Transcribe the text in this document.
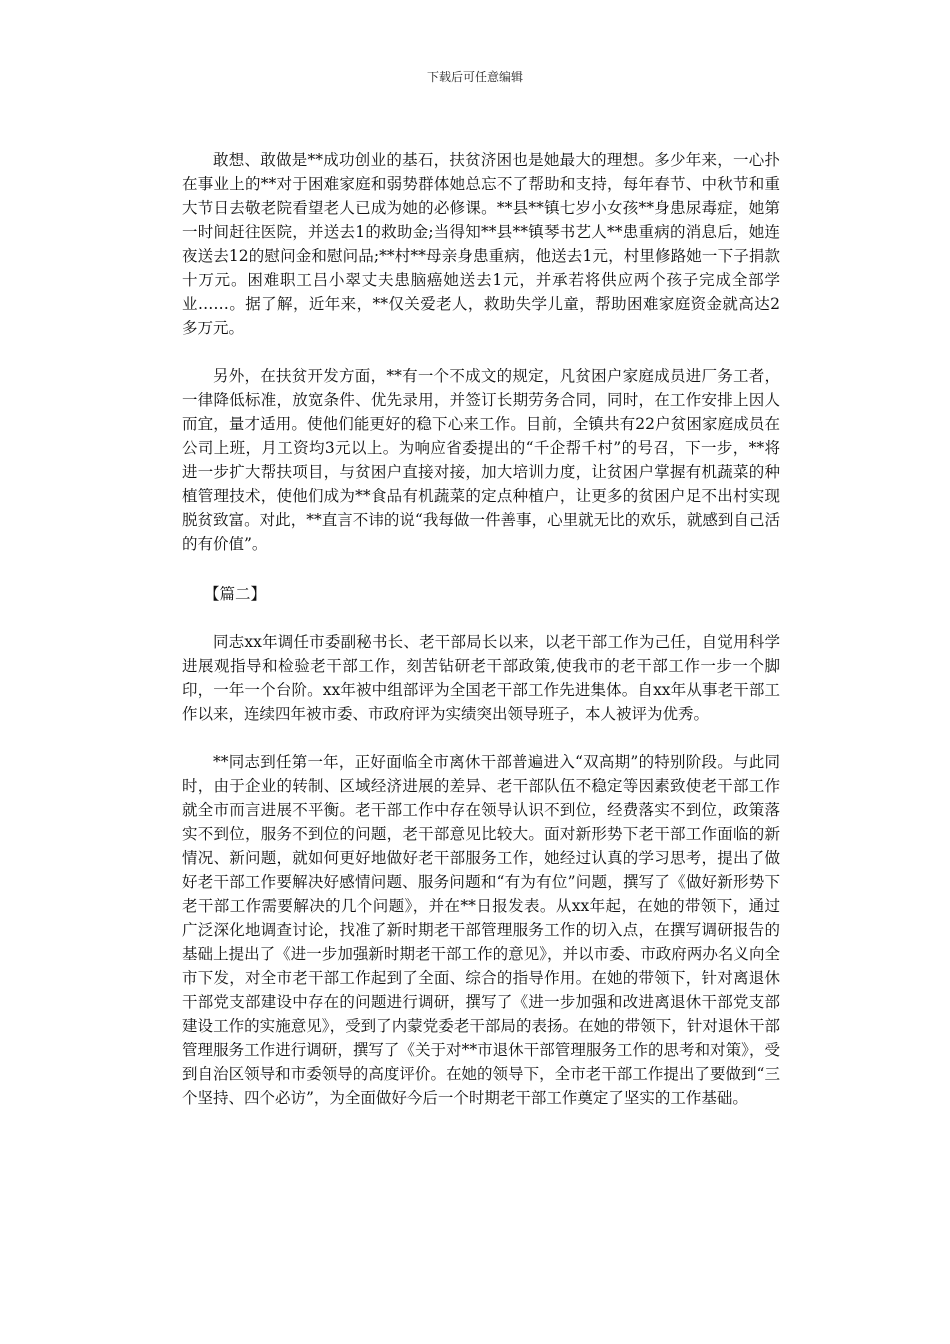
下载后可任意编辑

敢想、敢做是**成功创业的基石，扶贫济困也是她最大的理想。多少年来，一心扑在事业上的**对于困难家庭和弱势群体她总忘不了帮助和支持，每年春节、中秋节和重大节日去敬老院看望老人已成为她的必修课。**县**镇七岁小女孩**身患尿毒症，她第一时间赶往医院，并送去1的救助金;当得知**县**镇琴书艺人**患重病的消息后，她连夜送去12的慰问金和慰问品;**村**母亲身患重病，他送去1元，村里修路她一下子捐款十万元。困难职工吕小翠丈夫患脑癌她送去1元，并承若将供应两个孩子完成全部学业……。据了解，近年来，**仅关爱老人，救助失学儿童，帮助困难家庭资金就高达2多万元。

另外，在扶贫开发方面，**有一个不成文的规定，凡贫困户家庭成员进厂务工者，一律降低标准，放宽条件、优先录用，并签订长期劳务合同，同时，在工作安排上因人而宜，量才适用。使他们能更好的稳下心来工作。目前，全镇共有22户贫困家庭成员在公司上班，月工资均3元以上。为响应省委提出的“千企帮千村”的号召，下一步，**将进一步扩大帮扶项目，与贫困户直接对接，加大培训力度，让贫困户掌握有机蔬菜的种植管理技术，使他们成为**食品有机蔬菜的定点种植户，让更多的贫困户足不出村实现脱贫致富。对此，**直言不讳的说“我每做一件善事，心里就无比的欢乐，就感到自己活的有价值”。

【篇二】

同志xx年调任市委副秘书长、老干部局长以来，以老干部工作为己任，自觉用科学进展观指导和检验老干部工作，刻苦钻研老干部政策,使我市的老干部工作一步一个脚印，一年一个台阶。xx年被中组部评为全国老干部工作先进集体。自xx年从事老干部工作以来，连续四年被市委、市政府评为实绩突出领导班子，本人被评为优秀。

**同志到任第一年，正好面临全市离休干部普遍进入“双高期”的特别阶段。与此同时，由于企业的转制、区域经济进展的差异、老干部队伍不稳定等因素致使老干部工作就全市而言进展不平衡。老干部工作中存在领导认识不到位，经费落实不到位，政策落实不到位，服务不到位的问题，老干部意见比较大。面对新形势下老干部工作面临的新情况、新问题，就如何更好地做好老干部服务工作，她经过认真的学习思考，提出了做好老干部工作要解决好感情问题、服务问题和“有为有位”问题，撰写了《做好新形势下老干部工作需要解决的几个问题》，并在**日报发表。从xx年起，在她的带领下，通过广泛深化地调查讨论，找准了新时期老干部管理服务工作的切入点，在撰写调研报告的基础上提出了《进一步加强新时期老干部工作的意见》，并以市委、市政府两办名义向全市下发，对全市老干部工作起到了全面、综合的指导作用。在她的带领下，针对离退休干部党支部建设中存在的问题进行调研，撰写了《进一步加强和改进离退休干部党支部建设工作的实施意见》，受到了内蒙党委老干部局的表扬。在她的带领下，针对退休干部管理服务工作进行调研，撰写了《关于对**市退休干部管理服务工作的思考和对策》，受到自治区领导和市委领导的高度评价。在她的领导下，全市老干部工作提出了要做到“三个坚持、四个必访”，为全面做好今后一个时期老干部工作奠定了坚实的工作基础。
